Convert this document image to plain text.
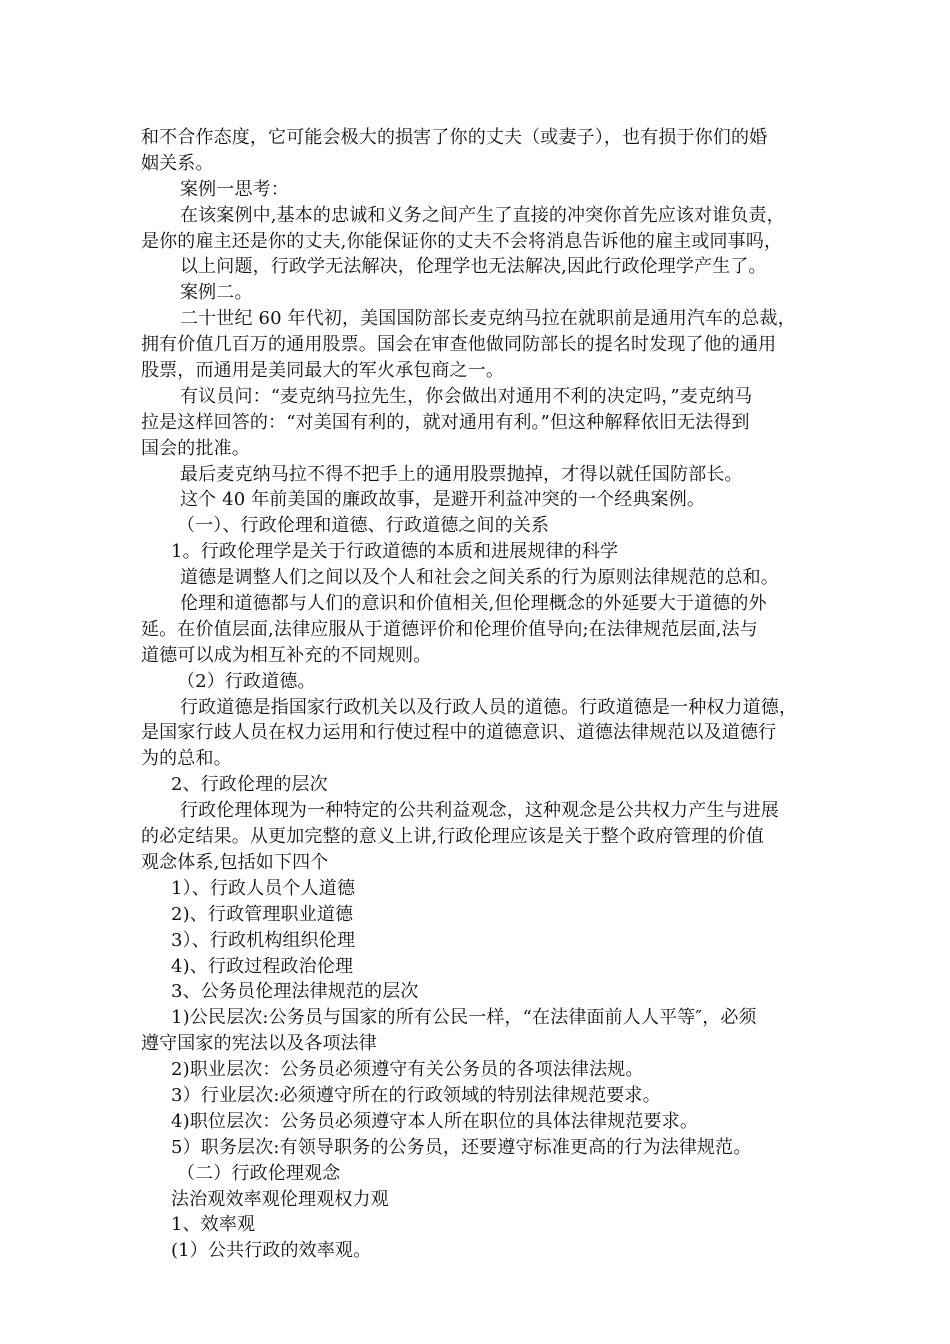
和不合作态度，它可能会极大的损害了你的丈夫（或妻子），也有损于你们的婚
姻关系。
案例一思考：
在该案例中,基本的忠诚和义务之间产生了直接的冲突你首先应该对谁负责，
是你的雇主还是你的丈夫,你能保证你的丈夫不会将消息告诉他的雇主或同事吗，
以上问题，行政学无法解决，伦理学也无法解决,因此行政伦理学产生了。
案例二。
二十世纪 60 年代初，美国国防部长麦克纳马拉在就职前是通用汽车的总裁，
拥有价值几百万的通用股票。国会在审查他做同防部长的提名时发现了他的通用
股票，而通用是美同最大的军火承包商之一。
有议员问：“麦克纳马拉先生，你会做出对通用不利的决定吗，”麦克纳马
拉是这样回答的：“对美国有利的，就对通用有利。”但这种解释依旧无法得到
国会的批准。
最后麦克纳马拉不得不把手上的通用股票抛掉，才得以就任国防部长。
这个 40 年前美国的廉政故事，是避开利益冲突的一个经典案例。
（一）、行政伦理和道德、行政道德之间的关系
1。行政伦理学是关于行政道德的本质和进展规律的科学
道德是调整人们之间以及个人和社会之间关系的行为原则法律规范的总和。
伦理和道德都与人们的意识和价值相关,但伦理概念的外延要大于道德的外
延。在价值层面,法律应服从于道德评价和伦理价值导向;在法律规范层面,法与
道德可以成为相互补充的不同规则。
（2）行政道德。
行政道德是指国家行政机关以及行政人员的道德。行政道德是一种权力道德，
是国家行歧人员在权力运用和行使过程中的道德意识、道德法律规范以及道德行
为的总和。
2、行政伦理的层次
行政伦理体现为一种特定的公共利益观念，这种观念是公共权力产生与进展
的必定结果。从更加完整的意义上讲,行政伦理应该是关于整个政府管理的价值
观念体系,包括如下四个
1）、行政人员个人道德
2)、行政管理职业道德
3）、行政机构组织伦理
4)、行政过程政治伦理
3、公务员伦理法律规范的层次
1)公民层次:公务员与国家的所有公民一样，“在法律面前人人平等″，必须
遵守国家的宪法以及各项法律
2)职业层次：公务员必须遵守有关公务员的各项法律法规。
3）行业层次:必须遵守所在的行政领域的特别法律规范要求。
4)职位层次：公务员必须遵守本人所在职位的具体法律规范要求。
5）职务层次:有领导职务的公务员，还要遵守标准更高的行为法律规范。
（二）行政伦理观念
法治观效率观伦理观权力观
1、效率观
(1）公共行政的效率观。
